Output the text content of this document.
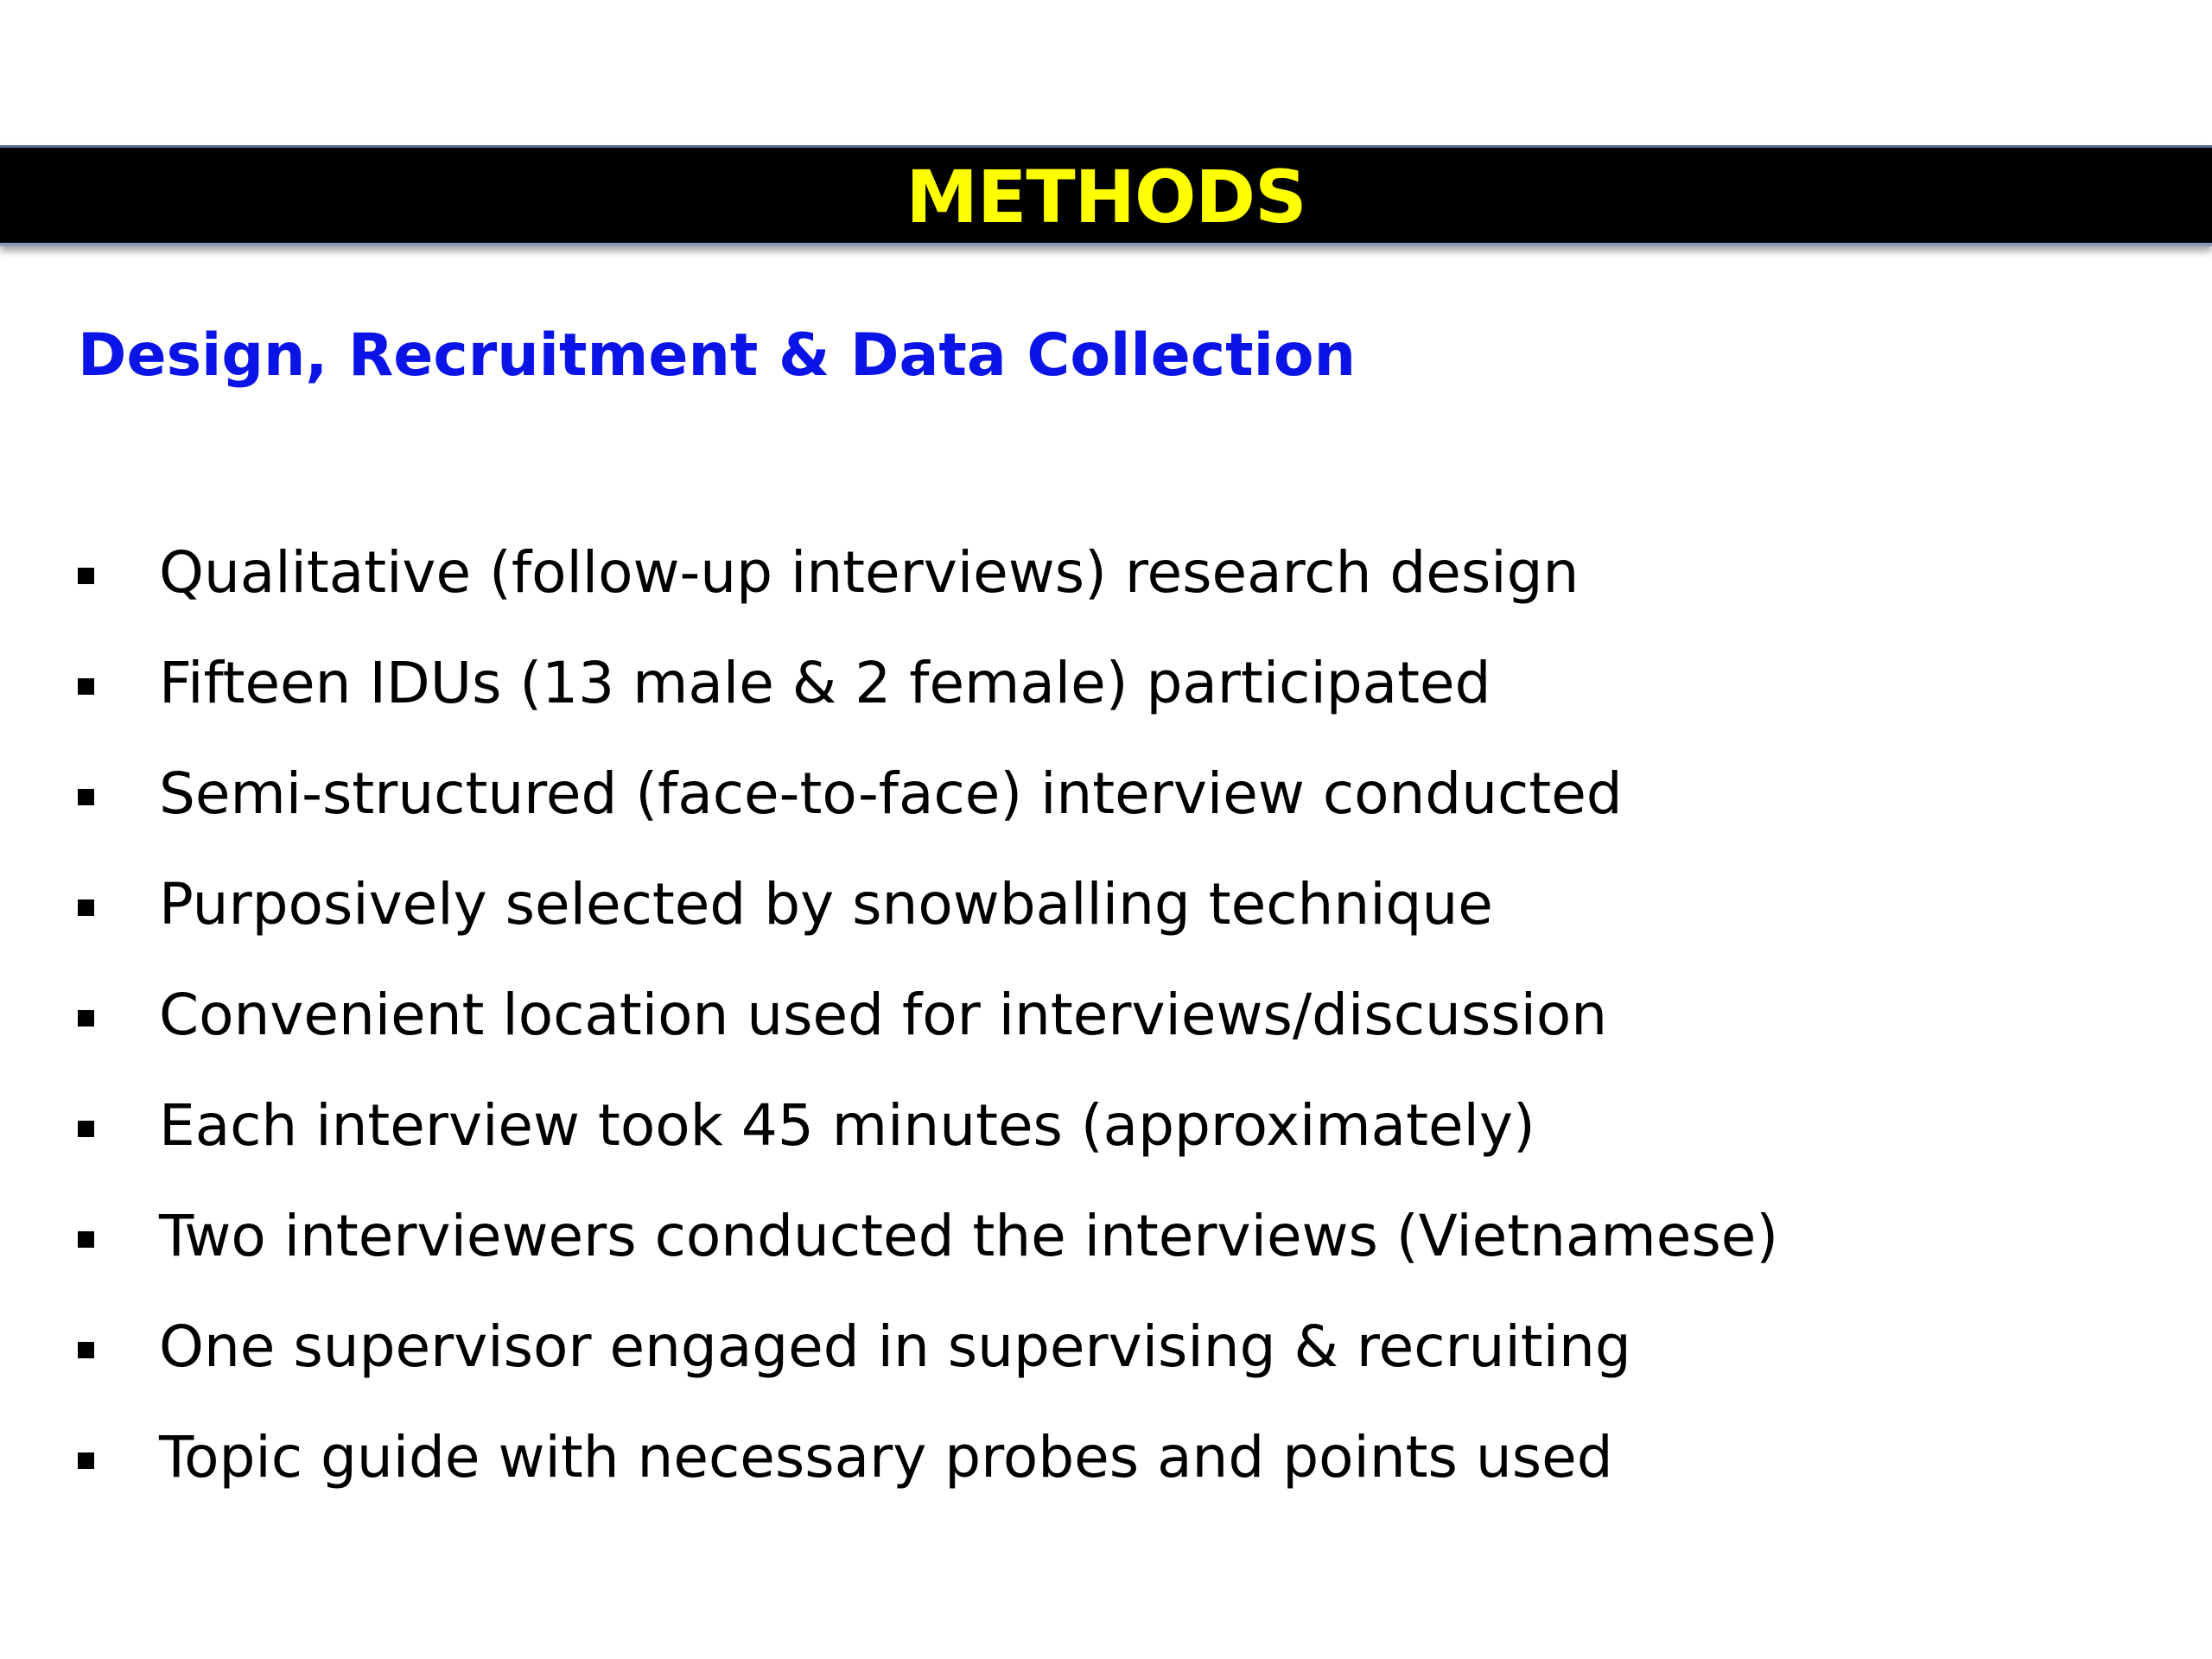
METHODS
Design, Recruitment & Data Collection
Qualitative (follow-up interviews) research design
Fifteen IDUs (13 male & 2 female) participated
Semi-structured (face-to-face) interview conducted
Purposively selected by snowballing technique
Convenient location used for interviews/discussion
Each interview took 45 minutes (approximately)
Two interviewers conducted the interviews (Vietnamese)
One supervisor engaged in supervising & recruiting
Topic guide with necessary probes and points used
